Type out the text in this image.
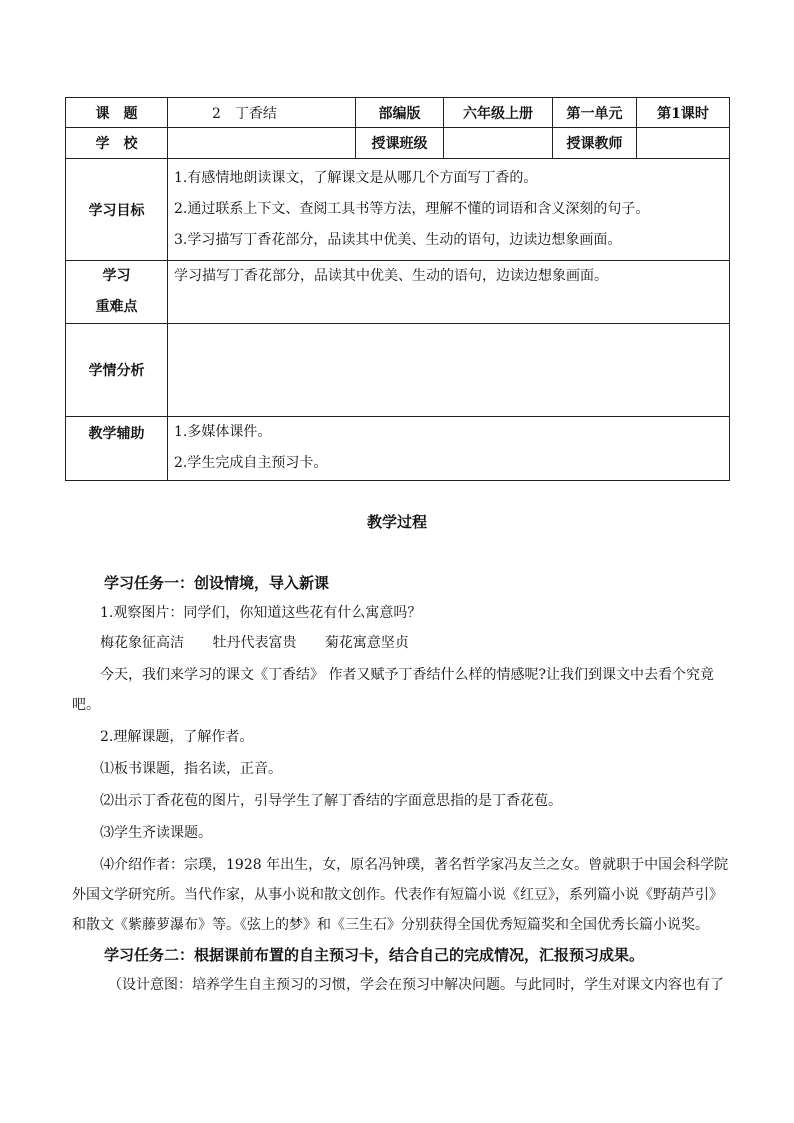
课　题	2　丁香结	部编版	六年级上册	第一单元	第1课时
学　校		授课班级		授课教师	
学习目标	1.有感情地朗读课文，了解课文是从哪几个方面写丁香的。
2.通过联系上下文、查阅工具书等方法，理解不懂的词语和含义深刻的句子。
3.学习描写丁香花部分，品读其中优美、生动的语句，边读边想象画面。				

学习
重难点	学习描写丁香花部分，品读其中优美、生动的语句，边读边想象画面。				

学情分析					
教学辅助	1.多媒体课件。
2.学生完成自主预习卡。				
教学过程

学习任务一：创设情境，导入新课

1.观察图片：同学们，你知道这些花有什么寓意吗？

梅花象征高洁 牡丹代表富贵 菊花寓意坚贞

今天，我们来学习的课文《丁香结》 作者又赋予丁香结什么样的情感呢?让我们到课文中去看个究竟

吧。

2.理解课题，了解作者。

⑴板书课题，指名读，正音。

⑵出示丁香花苞的图片，引导学生了解丁香结的字面意思指的是丁香花苞。

⑶学生齐读课题。

⑷介绍作者：宗璞，1928 年出生，女，原名冯钟璞，著名哲学家冯友兰之女。曾就职于中国会科学院

外国文学研究所。当代作家，从事小说和散文创作。代表作有短篇小说《红豆》，系列篇小说《野葫芦引》

和散文《紫藤萝瀑布》等。《弦上的梦》和《三生石》分别获得全国优秀短篇奖和全国优秀长篇小说奖。

学习任务二：根据课前布置的自主预习卡，结合自己的完成情况，汇报预习成果。

（设计意图：培养学生自主预习的习惯，学会在预习中解决问题。与此同时，学生对课文内容也有了
